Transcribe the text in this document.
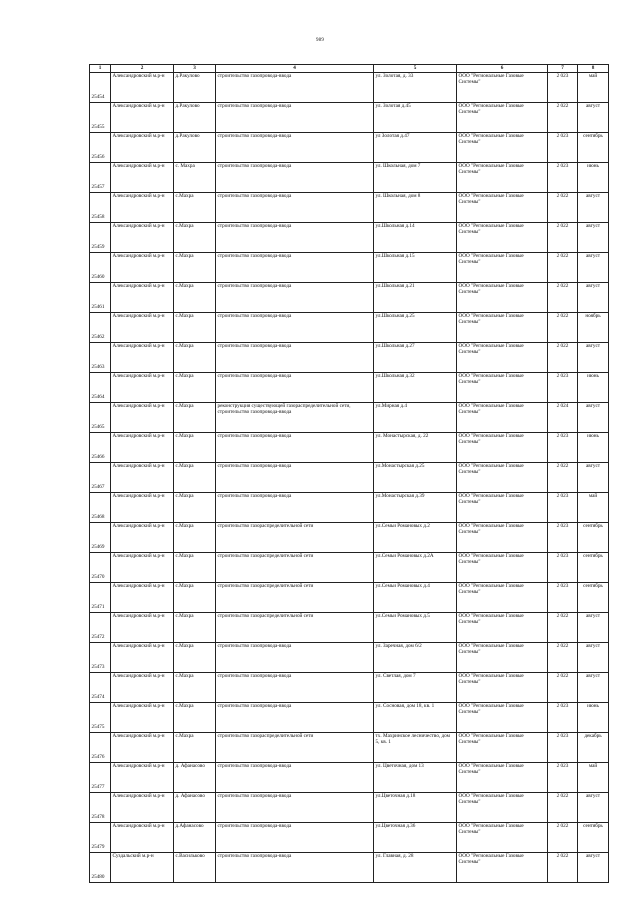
989
1	2	3	4	5	6	7	8
25454	Александровский м.р-н	д.Ракулово	строительство газопровода-ввода	ул. Золотая, д. 33	ООО "Региональные Газовые Системы"	2 023	май
25455	Александровский м.р-н	д.Ракулово	строительство газопровода-ввода	ул. Золотая д.45	ООО "Региональные Газовые Системы"	2 022	август
25456	Александровский м.р-н	д.Ракулово	строительство газопровода-ввода	ул Золотая д.47	ООО "Региональные Газовые Системы"	2 023	сентябрь
25457	Александровский м.р-н	с. Махра	строительство газопровода-ввода	ул. Школьная, дом 7	ООО "Региональные Газовые Системы"	2 023	июнь
25458	Александровский м.р-н	с.Махра	строительство газопровода-ввода	ул. Школьная, дом 8	ООО "Региональные Газовые Системы"	2 022	август
25459	Александровский м.р-н	с.Махра	строительство газопровода-ввода	ул.Школьная д.14	ООО "Региональные Газовые Системы"	2 022	август
25460	Александровский м.р-н	с.Махра	строительство газопровода-ввода	ул.Школьная д.15	ООО "Региональные Газовые Системы"	2 022	август
25461	Александровский м.р-н	с.Махра	строительство газопровода-ввода	ул.Школьная д.21	ООО "Региональные Газовые Системы"	2 022	август
25462	Александровский м.р-н	с.Махра	строительство газопровода-ввода	ул.Школьная д.25	ООО "Региональные Газовые Системы"	2 022	ноябрь
25463	Александровский м.р-н	с.Махра	строительство газопровода-ввода	ул.Школьная д.27	ООО "Региональные Газовые Системы"	2 022	август
25464	Александровский м.р-н	с.Махра	строительство газопровода-ввода	ул.Школьная д.32	ООО "Региональные Газовые Системы"	2 023	июнь
25465	Александровский м.р-н	с.Махра	реконструкция существующей газораспределительной сети, строительство газопровода-ввода	ул.Мирная д.4	ООО "Региональные Газовые Системы"	2 024	август
25466	Александровский м.р-н	с.Махра	строительство газопровода-ввода	ул. Монастырская, д. 22	ООО "Региональные Газовые Системы"	2 023	июнь
25467	Александровский м.р-н	с.Махра	строительство газопровода-ввода	ул.Монастырская д.25	ООО "Региональные Газовые Системы"	2 022	август
25468	Александровский м.р-н	с.Махра	строительство газопровода-ввода	ул.Монастырская д.39	ООО "Региональные Газовые Системы"	2 023	май
25469	Александровский м.р-н	с.Махра	строительство газораспределительной сети	ул.Семьи Романовых д.2	ООО "Региональные Газовые Системы"	2 023	сентябрь
25470	Александровский м.р-н	с.Махра	строительство газораспределительной сети	ул.Семьи Романовых д.2А	ООО "Региональные Газовые Системы"	2 023	сентябрь
25471	Александровский м.р-н	с.Махра	строительство газораспределительной сети	ул.Семьи Романовых д.4	ООО "Региональные Газовые Системы"	2 023	сентябрь
25472	Александровский м.р-н	с.Махра	строительство газораспределительной сети	ул.Семьи Романовых д.5	ООО "Региональные Газовые Системы"	2 022	август
25473	Александровский м.р-н	с.Махра	строительство газопровода-ввода	ул. Заречная, дом 6/2	ООО "Региональные Газовые Системы"	2 022	август
25474	Александровский м.р-н	с.Махра	строительство газопровода-ввода	ул. Светлая, дом 7	ООО "Региональные Газовые Системы"	2 022	август
25475	Александровский м.р-н	с.Махра	строительство газопровода-ввода	ул. Сосновая, дом 18, кв. 1	ООО "Региональные Газовые Системы"	2 023	июнь
25476	Александровский м.р-н	с.Махра	строительство газораспределительной сети	тх. Махринское лесничество, дом 5, кв. 1	ООО "Региональные Газовые Системы"	2 023	декабрь
25477	Александровский м.р-н	д. Афанасово	строительство газопровода-ввода	ул. Цветочная, дом 13	ООО "Региональные Газовые Системы"	2 023	май
25478	Александровский м.р-н	д. Афанасово	строительство газопровода-ввода	ул.Цветочная д.18	ООО "Региональные Газовые Системы"	2 022	август
25479	Александровский м.р-н	д.Афанасово	строительство газопровода-ввода	ул.Цветочная д.36	ООО "Региональные Газовые Системы"	2 022	сентябрь
25480	Суздальский м.р-н	с.Васильково	строительство газопровода-ввода	ул. Главная, д. 28	ООО "Региональные Газовые Системы"	2 022	август
